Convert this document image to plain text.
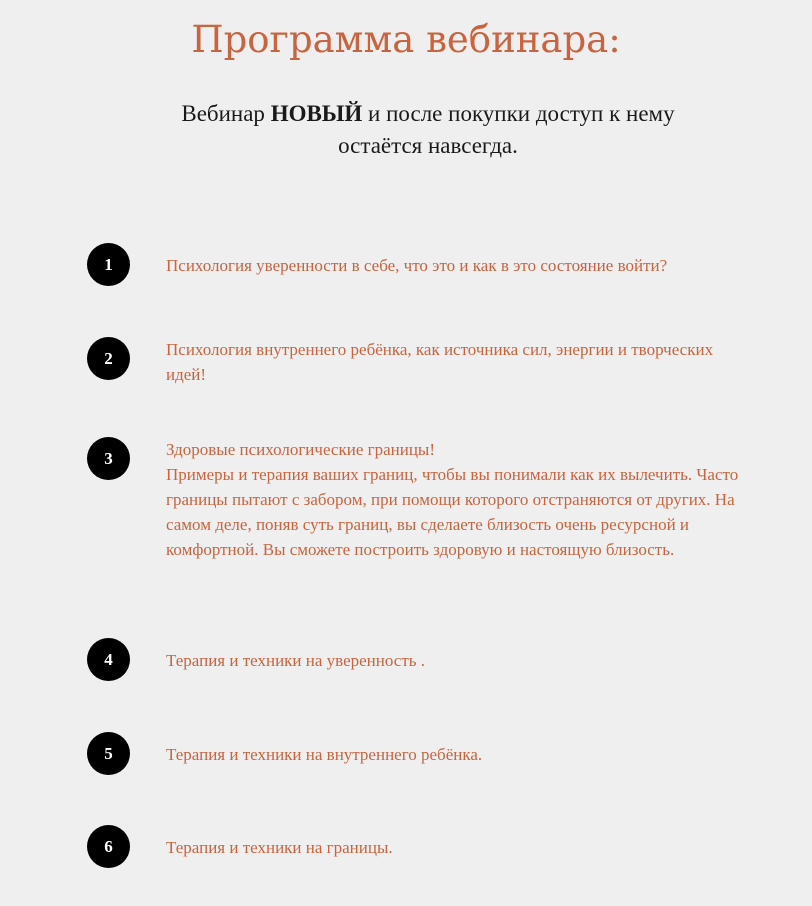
Программа вебинара:

Вебинар НОВЫЙ и после покупки доступ к нему остаётся навсегда.

1	Психология уверенности в себе, что это и как в это состояние войти?

2	Психология внутреннего ребёнка, как источника сил, энергии и творческих идей!

3	Здоровые психологические границы!
Примеры и терапия ваших границ, чтобы вы понимали как их вылечить. Часто границы пытают с забором, при помощи которого отстраняются от других. На самом деле, поняв суть границ, вы сделаете близость очень ресурсной и комфортной. Вы сможете построить здоровую и настоящую близость.

4	Терапия и техники на уверенность .

5	Терапия и техники на внутреннего ребёнка.

6	Терапия и техники на границы.
